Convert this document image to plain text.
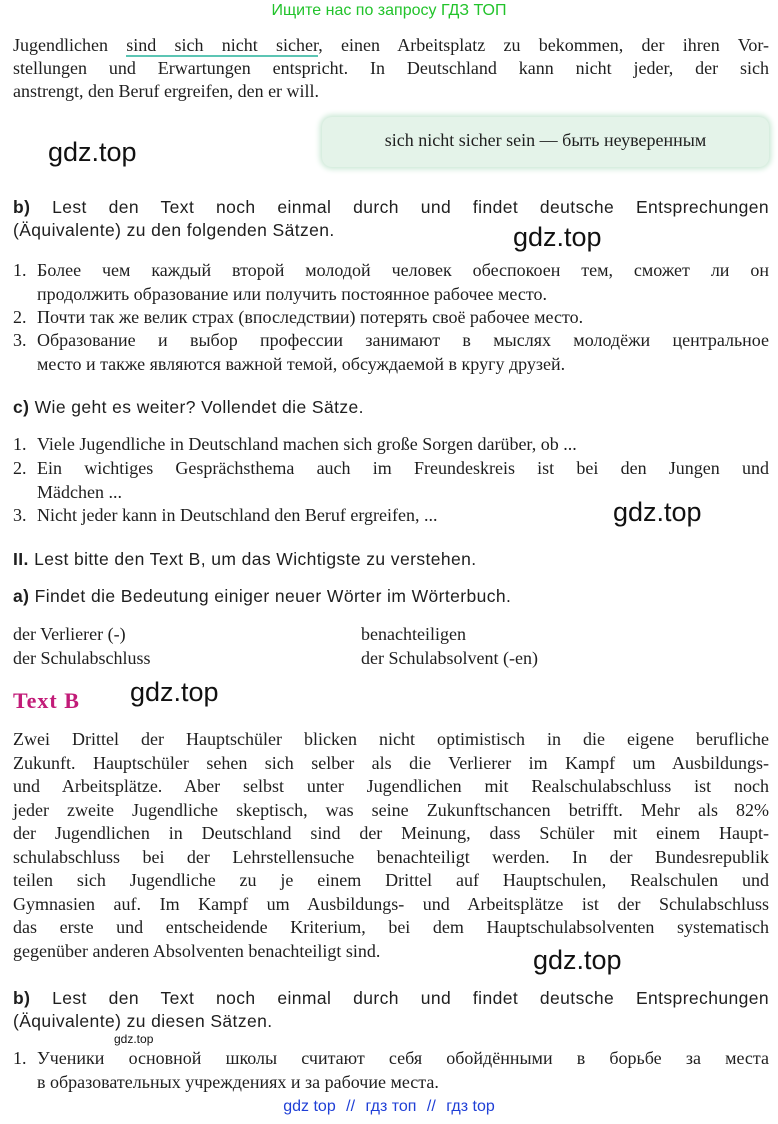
Ищите нас по запросу ГДЗ ТОП
Jugendlichen sind sich nicht sicher, einen Arbeitsplatz zu bekommen, der ihren Vor-
stellungen und Erwartungen entspricht. In Deutschland kann nicht jeder, der sich
anstrengt, den Beruf ergreifen, den er will.
sich nicht sicher sein — быть неуверенным
gdz.top
gdz.top
gdz.top
gdz.top
gdz.top
gdz.top
b) Lest den Text noch einmal durch und findet deutsche Entsprechungen
(Äquivalente) zu den folgenden Sätzen.
1. Более чем каждый второй молодой человек обеспокоен тем, сможет ли он
продолжить образование или получить постоянное рабочее место.
2. Почти так же велик страх (впоследствии) потерять своё рабочее место.
3. Образование и выбор профессии занимают в мыслях молодёжи центральное
место и также являются важной темой, обсуждаемой в кругу друзей.
c) Wie geht es weiter? Vollendet die Sätze.
1. Viele Jugendliche in Deutschland machen sich große Sorgen darüber, ob ...
2. Ein wichtiges Gesprächsthema auch im Freundeskreis ist bei den Jungen und
Mädchen ...
3. Nicht jeder kann in Deutschland den Beruf ergreifen, ...
II. Lest bitte den Text B, um das Wichtigste zu verstehen.
a) Findet die Bedeutung einiger neuer Wörter im Wörterbuch.
der Verlierer (-)
der Schulabschluss
benachteiligen
der Schulabsolvent (-en)
Text B
Zwei Drittel der Hauptschüler blicken nicht optimistisch in die eigene berufliche
Zukunft. Hauptschüler sehen sich selber als die Verlierer im Kampf um Ausbildungs-
und Arbeitsplätze. Aber selbst unter Jugendlichen mit Realschulabschluss ist noch
jeder zweite Jugendliche skeptisch, was seine Zukunftschancen betrifft. Mehr als 82%
der Jugendlichen in Deutschland sind der Meinung, dass Schüler mit einem Haupt-
schulabschluss bei der Lehrstellensuche benachteiligt werden. In der Bundesrepublik
teilen sich Jugendliche zu je einem Drittel auf Hauptschulen, Realschulen und
Gymnasien auf. Im Kampf um Ausbildungs- und Arbeitsplätze ist der Schulabschluss
das erste und entscheidende Kriterium, bei dem Hauptschulabsolventen systematisch
gegenüber anderen Absolventen benachteiligt sind.
b) Lest den Text noch einmal durch und findet deutsche Entsprechungen
(Äquivalente) zu diesen Sätzen.
1. Ученики основной школы считают себя обойдёнными в борьбе за места
в образовательных учреждениях и за рабочие места.
gdz top // гдз топ // гдз top
